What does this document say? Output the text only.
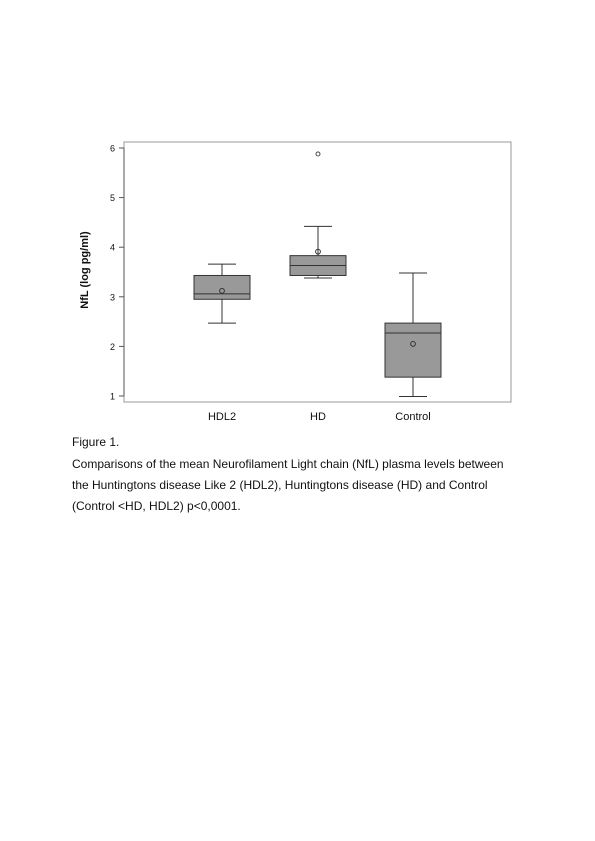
NfL (log pg/ml)
1
2
3
4
5
6
HDL2	HD	Control

Figure 1.

Comparisons of the mean Neurofilament Light chain (NfL) plasma levels between

the Huntingtons disease Like 2 (HDL2), Huntingtons disease (HD) and Control

(Control <HD, HDL2) p<0,0001.
